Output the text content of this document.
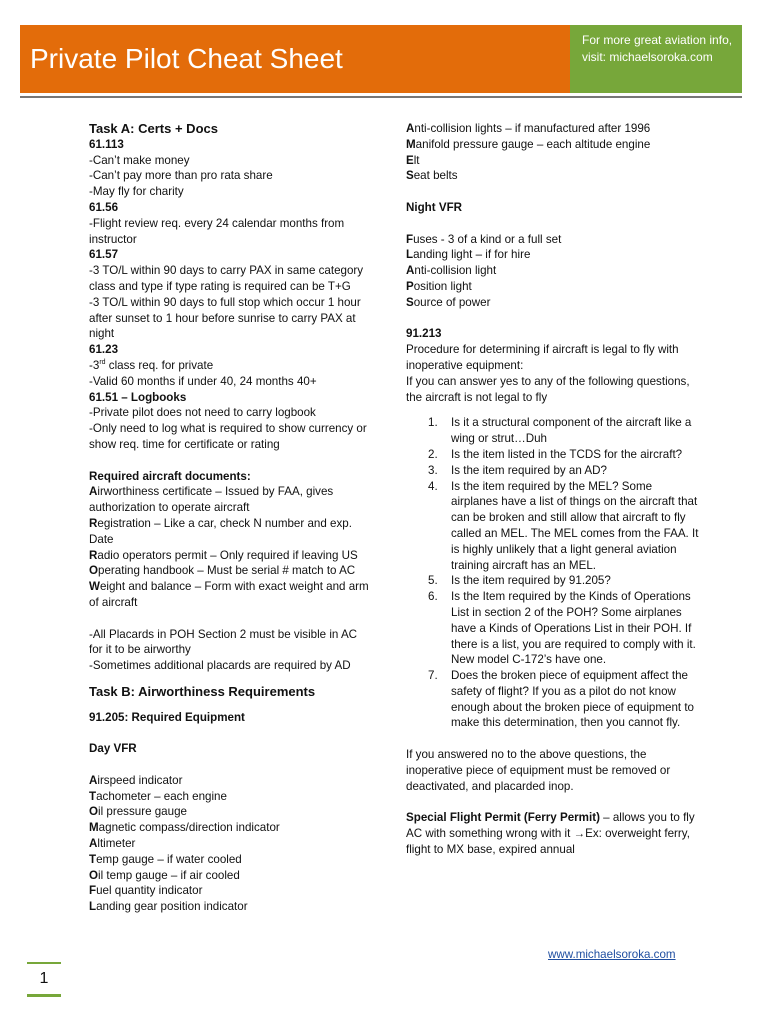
Private Pilot Cheat Sheet
For more great aviation info, visit: michaelsoroka.com

Task A: Certs + Docs

61.113

-Can’t make money

-Can’t pay more than pro rata share

-May fly for charity

61.56

-Flight review req. every 24 calendar months from instructor

61.57

-3 TO/L within 90 days to carry PAX in same category class and type if type rating is required can be T+G

-3 TO/L within 90 days to full stop which occur 1 hour after sunset to 1 hour before sunrise to carry PAX at night

61.23

-3rd class req. for private

-Valid 60 months if under 40, 24 months 40+

61.51 – Logbooks

-Private pilot does not need to carry logbook

-Only need to log what is required to show currency or show req. time for certificate or rating

Required aircraft documents:

Airworthiness certificate – Issued by FAA, gives authorization to operate aircraft

Registration – Like a car, check N number and exp. Date

Radio operators permit – Only required if leaving US

Operating handbook – Must be serial # match to AC

Weight and balance – Form with exact weight and arm of aircraft

-All Placards in POH Section 2 must be visible in AC for it to be airworthy

-Sometimes additional placards are required by AD

Task B: Airworthiness Requirements

91.205: Required Equipment

Day VFR

Airspeed indicator

Tachometer – each engine

Oil pressure gauge

Magnetic compass/direction indicator

Altimeter

Temp gauge – if water cooled

Oil temp gauge – if air cooled

Fuel quantity indicator

Landing gear position indicator

Anti-collision lights – if manufactured after 1996

Manifold pressure gauge – each altitude engine

Elt

Seat belts

Night VFR

Fuses - 3 of a kind or a full set

Landing light – if for hire

Anti-collision light

Position light

Source of power

91.213

Procedure for determining if aircraft is legal to fly with inoperative equipment:

If you can answer yes to any of the following questions, the aircraft is not legal to fly

1. Is it a structural component of the aircraft like a wing or strut…Duh
2. Is the item listed in the TCDS for the aircraft?
3. Is the item required by an AD?
4. Is the item required by the MEL? Some airplanes have a list of things on the aircraft that can be broken and still allow that aircraft to fly called an MEL. The MEL comes from the FAA. It is highly unlikely that a light general aviation training aircraft has an MEL.
5. Is the item required by 91.205?
6. Is the Item required by the Kinds of Operations List in section 2 of the POH? Some airplanes have a Kinds of Operations List in their POH. If there is a list, you are required to comply with it. New model C-172’s have one.
7. Does the broken piece of equipment affect the safety of flight? If you as a pilot do not know enough about the broken piece of equipment to make this determination, then you cannot fly.

If you answered no to the above questions, the inoperative piece of equipment must be removed or deactivated, and placarded inop.

Special Flight Permit (Ferry Permit) – allows you to fly AC with something wrong with it →Ex: overweight ferry, flight to MX base, expired annual

www.michaelsoroka.com
1
